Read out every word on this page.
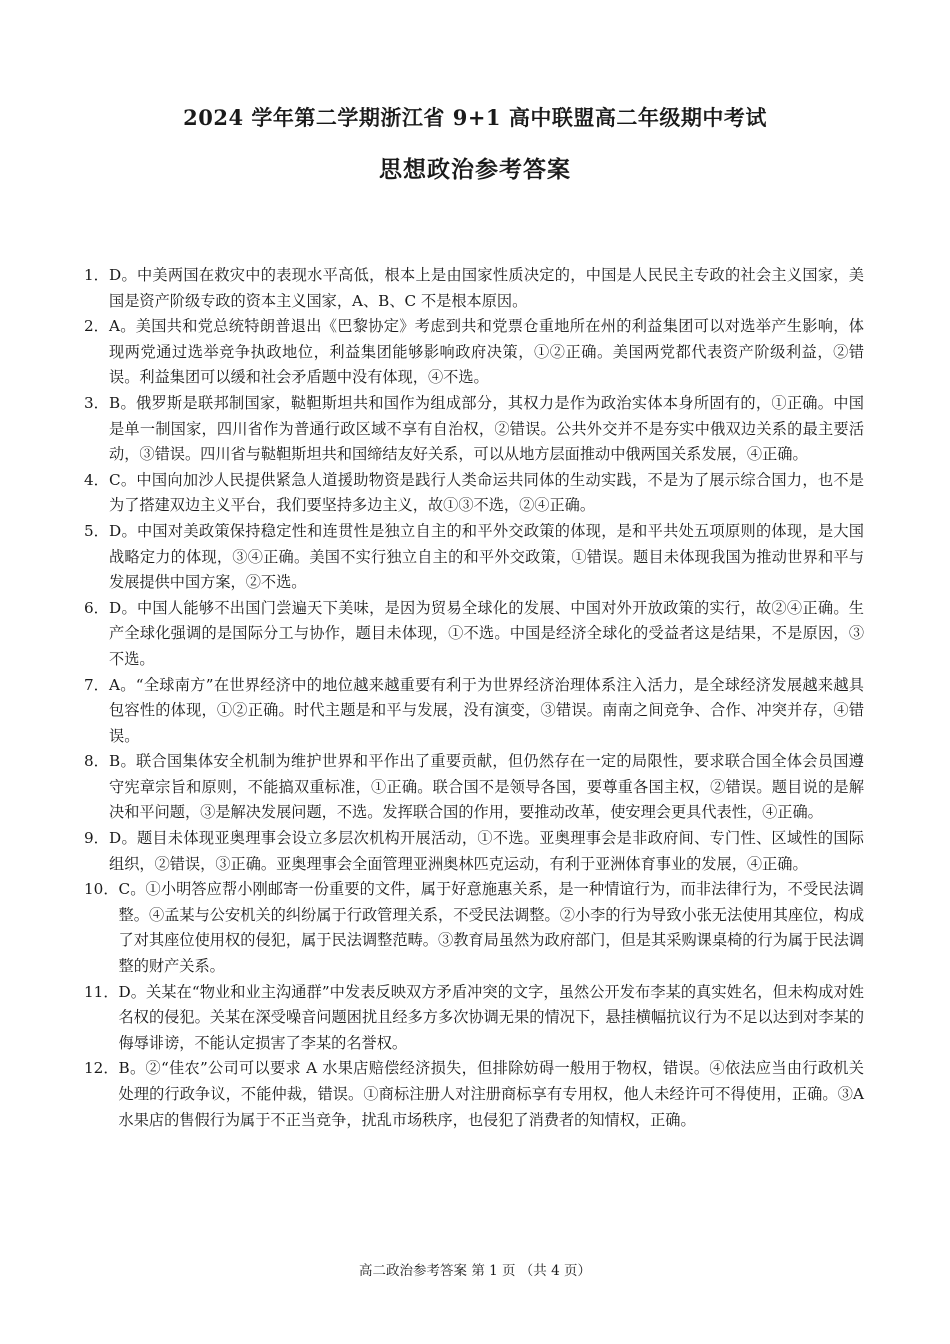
2024 学年第二学期浙江省 9+1 高中联盟高二年级期中考试
思想政治参考答案
1． D。中美两国在救灾中的表现水平高低，根本上是由国家性质决定的，中国是人民民主专政的社会主义国家，美国是资产阶级专政的资本主义国家，A、B、C 不是根本原因。
2． A。美国共和党总统特朗普退出《巴黎协定》考虑到共和党票仓重地所在州的利益集团可以对选举产生影响，体现两党通过选举竞争执政地位，利益集团能够影响政府决策，①②正确。美国两党都代表资产阶级利益，②错误。利益集团可以缓和社会矛盾题中没有体现，④不选。
3． B。俄罗斯是联邦制国家，鞑靼斯坦共和国作为组成部分，其权力是作为政治实体本身所固有的，①正确。中国是单一制国家，四川省作为普通行政区域不享有自治权，②错误。公共外交并不是夯实中俄双边关系的最主要活动，③错误。四川省与鞑靼斯坦共和国缔结友好关系，可以从地方层面推动中俄两国关系发展，④正确。
4． C。中国向加沙人民提供紧急人道援助物资是践行人类命运共同体的生动实践，不是为了展示综合国力，也不是为了搭建双边主义平台，我们要坚持多边主义，故①③不选，②④正确。
5． D。中国对美政策保持稳定性和连贯性是独立自主的和平外交政策的体现，是和平共处五项原则的体现，是大国战略定力的体现，③④正确。美国不实行独立自主的和平外交政策，①错误。题目未体现我国为推动世界和平与发展提供中国方案，②不选。
6． D。中国人能够不出国门尝遍天下美味，是因为贸易全球化的发展、中国对外开放政策的实行，故②④正确。生产全球化强调的是国际分工与协作，题目未体现，①不选。中国是经济全球化的受益者这是结果，不是原因，③不选。
7． A。“全球南方”在世界经济中的地位越来越重要有利于为世界经济治理体系注入活力，是全球经济发展越来越具包容性的体现，①②正确。时代主题是和平与发展，没有演变，③错误。南南之间竞争、合作、冲突并存，④错误。
8． B。联合国集体安全机制为维护世界和平作出了重要贡献，但仍然存在一定的局限性，要求联合国全体会员国遵守宪章宗旨和原则，不能搞双重标准，①正确。联合国不是领导各国，要尊重各国主权，②错误。题目说的是解决和平问题，③是解决发展问题，不选。发挥联合国的作用，要推动改革，使安理会更具代表性，④正确。
9． D。题目未体现亚奥理事会设立多层次机构开展活动，①不选。亚奥理事会是非政府间、专门性、区域性的国际组织，②错误，③正确。亚奥理事会全面管理亚洲奥林匹克运动，有利于亚洲体育事业的发展，④正确。
10． C。①小明答应帮小刚邮寄一份重要的文件，属于好意施惠关系，是一种情谊行为，而非法律行为，不受民法调整。④孟某与公安机关的纠纷属于行政管理关系，不受民法调整。②小李的行为导致小张无法使用其座位，构成了对其座位使用权的侵犯，属于民法调整范畴。③教育局虽然为政府部门，但是其采购课桌椅的行为属于民法调整的财产关系。
11． D。关某在“物业和业主沟通群”中发表反映双方矛盾冲突的文字，虽然公开发布李某的真实姓名，但未构成对姓名权的侵犯。关某在深受噪音问题困扰且经多方多次协调无果的情况下，悬挂横幅抗议行为不足以达到对李某的侮辱诽谤，不能认定损害了李某的名誉权。
12． B。②“佳农”公司可以要求 A 水果店赔偿经济损失，但排除妨碍一般用于物权，错误。④依法应当由行政机关处理的行政争议，不能仲裁，错误。①商标注册人对注册商标享有专用权，他人未经许可不得使用，正确。③A 水果店的售假行为属于不正当竞争，扰乱市场秩序，也侵犯了消费者的知情权，正确。
高二政治参考答案 第 1 页 （共 4 页）
